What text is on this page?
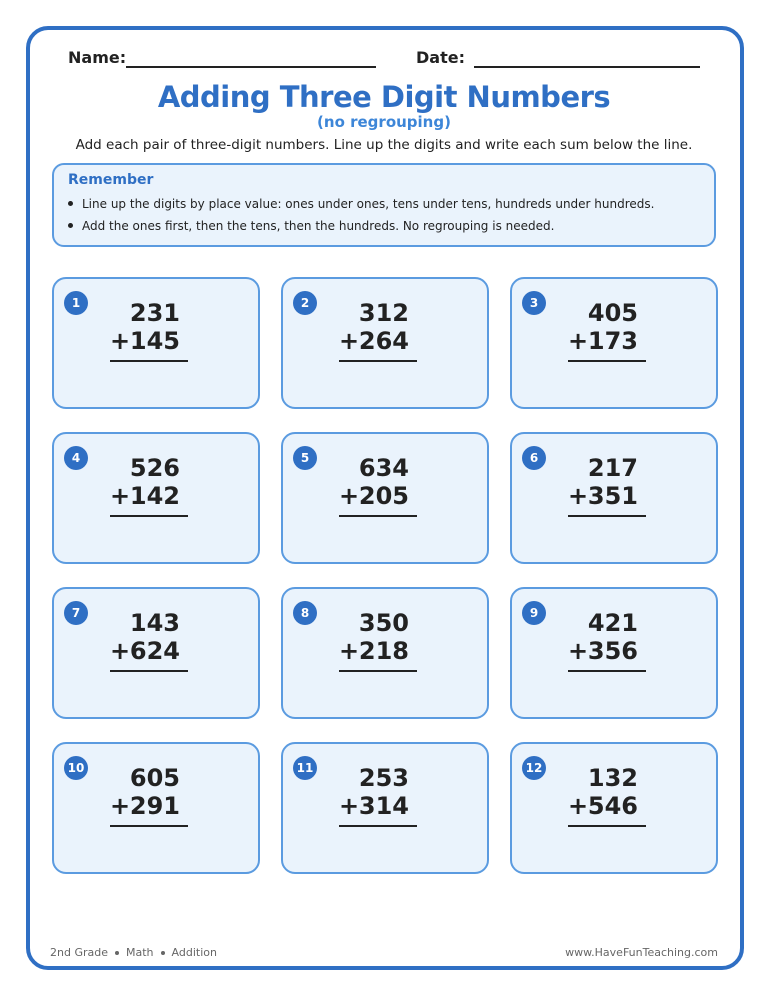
Name:	Date:
Adding Three Digit Numbers
(no regrouping)
Add each pair of three-digit numbers. Line up the digits and write each sum below the line.
Remember
Line up the digits by place value: ones under ones, tens under tens, hundreds under hundreds.
Add the ones first, then the tens, then the hundreds. No regrouping is needed.
1	231
+ 145
2	312
+ 264
3	405
+ 173
4	526
+ 142
5	634
+ 205
6	217
+ 351
7	143
+ 624
8	350
+ 218
9	421
+ 356
10 605
+ 291
11 253
+ 314
12 132
+ 546
2nd Grade Math Addition	www.HaveFunTeaching.com
